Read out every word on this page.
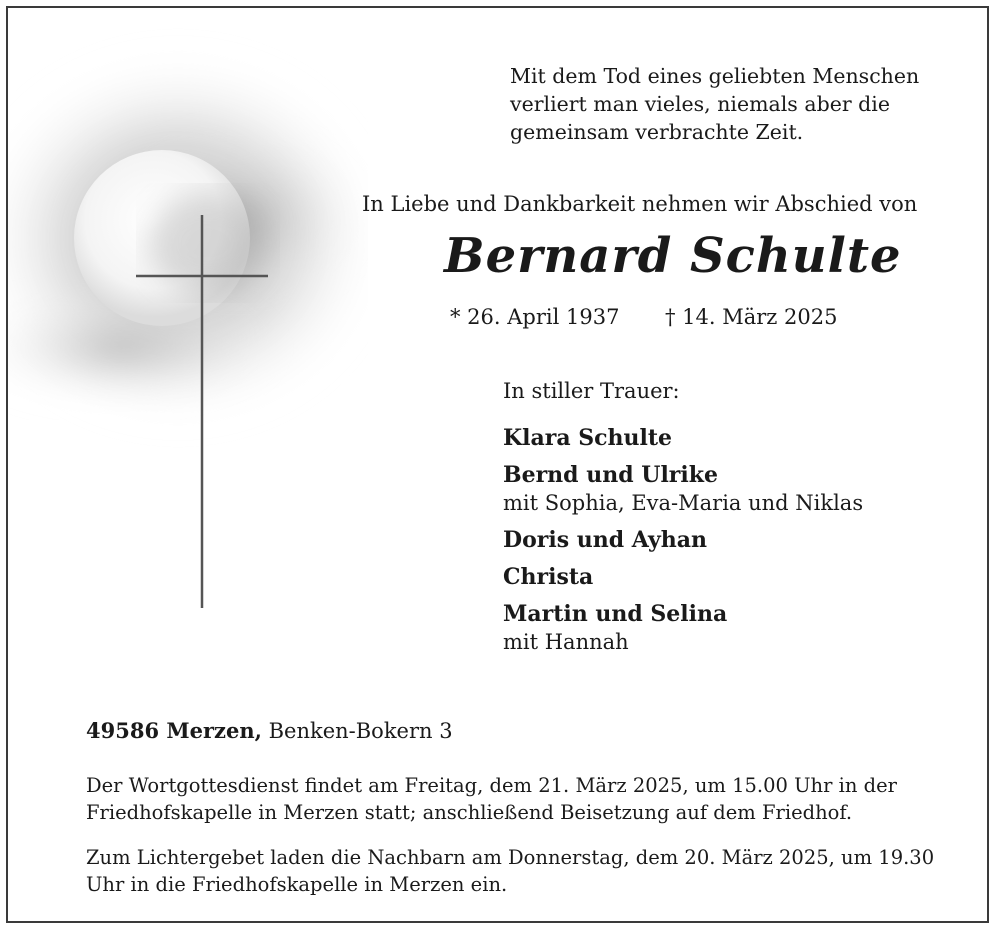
Mit dem Tod eines geliebten Menschen
verliert man vieles, niemals aber die
gemeinsam verbrachte Zeit.
In Liebe und Dankbarkeit nehmen wir Abschied von
Bernard Schulte
* 26. April 1937 † 14. März 2025
In stiller Trauer:
Klara Schulte
Bernd und Ulrike
mit Sophia, Eva-Maria und Niklas
Doris und Ayhan
Christa
Martin und Selina
mit Hannah
49586 Merzen, Benken-Bokern 3
Der Wortgottesdienst findet am Freitag, dem 21. März 2025, um 15.00 Uhr in der Friedhofskapelle in Merzen statt; anschließend Beisetzung auf dem Friedhof.
Zum Lichtergebet laden die Nachbarn am Donnerstag, dem 20. März 2025, um 19.30 Uhr in die Friedhofskapelle in Merzen ein.
